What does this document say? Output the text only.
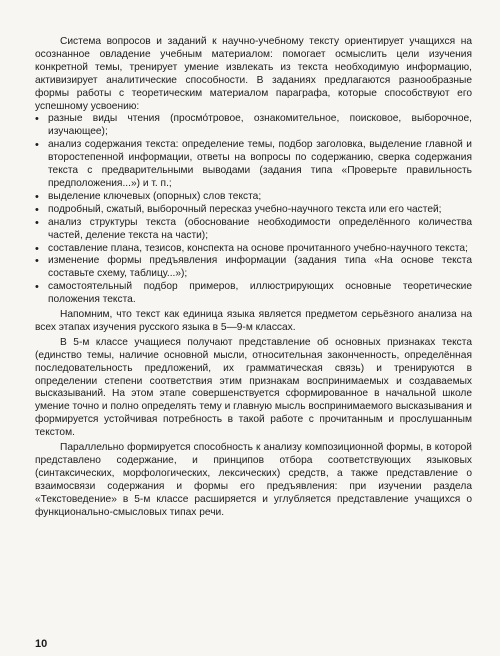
Система вопросов и заданий к научно-учебному тексту ориентирует учащихся на осознанное овладение учебным материалом: помогает осмыслить цели изучения конкретной темы, тренирует умение извлекать из текста необходимую информацию, активизирует аналитические способности. В заданиях предлагаются разнообразные формы работы с теоретическим материалом параграфа, которые способствуют его успешному усвоению:

• разные виды чтения (просмо́тровое, ознакомительное, поисковое, выборочное, изучающее);
• анализ содержания текста: определение темы, подбор заголовка, выделение главной и второстепенной информации, ответы на вопросы по содержанию, сверка содержания текста с предварительными выводами (задания типа «Проверьте правильность предположения...») и т. п.;
• выделение ключевых (опорных) слов текста;
• подробный, сжатый, выборочный пересказ учебно-научного текста или его частей;
• анализ структуры текста (обоснование необходимости определённого количества частей, деление текста на части);
• составление плана, тезисов, конспекта на основе прочитанного учебно-научного текста;
• изменение формы предъявления информации (задания типа «На основе текста составьте схему, таблицу...»);
• самостоятельный подбор примеров, иллюстрирующих основные теоретические положения текста.

Напомним, что текст как единица языка является предметом серьёзного анализа на всех этапах изучения русского языка в 5—9-м классах.

В 5-м классе учащиеся получают представление об основных признаках текста (единство темы, наличие основной мысли, относительная законченность, определённая последовательность предложений, их грамматическая связь) и тренируются в определении степени соответствия этим признакам воспринимаемых и создаваемых высказываний. На этом этапе совершенствуется сформированное в начальной школе умение точно и полно определять тему и главную мысль воспринимаемого высказывания и формируется устойчивая потребность в такой работе с прочитанным и прослушанным текстом.

Параллельно формируется способность к анализу композиционной формы, в которой представлено содержание, и принципов отбора соответствующих языковых (синтаксических, морфологических, лексических) средств, а также представление о взаимосвязи содержания и формы его предъявления: при изучении раздела «Текстоведение» в 5-м классе расширяется и углубляется представление учащихся о функционально-смысловых типах речи.

10
